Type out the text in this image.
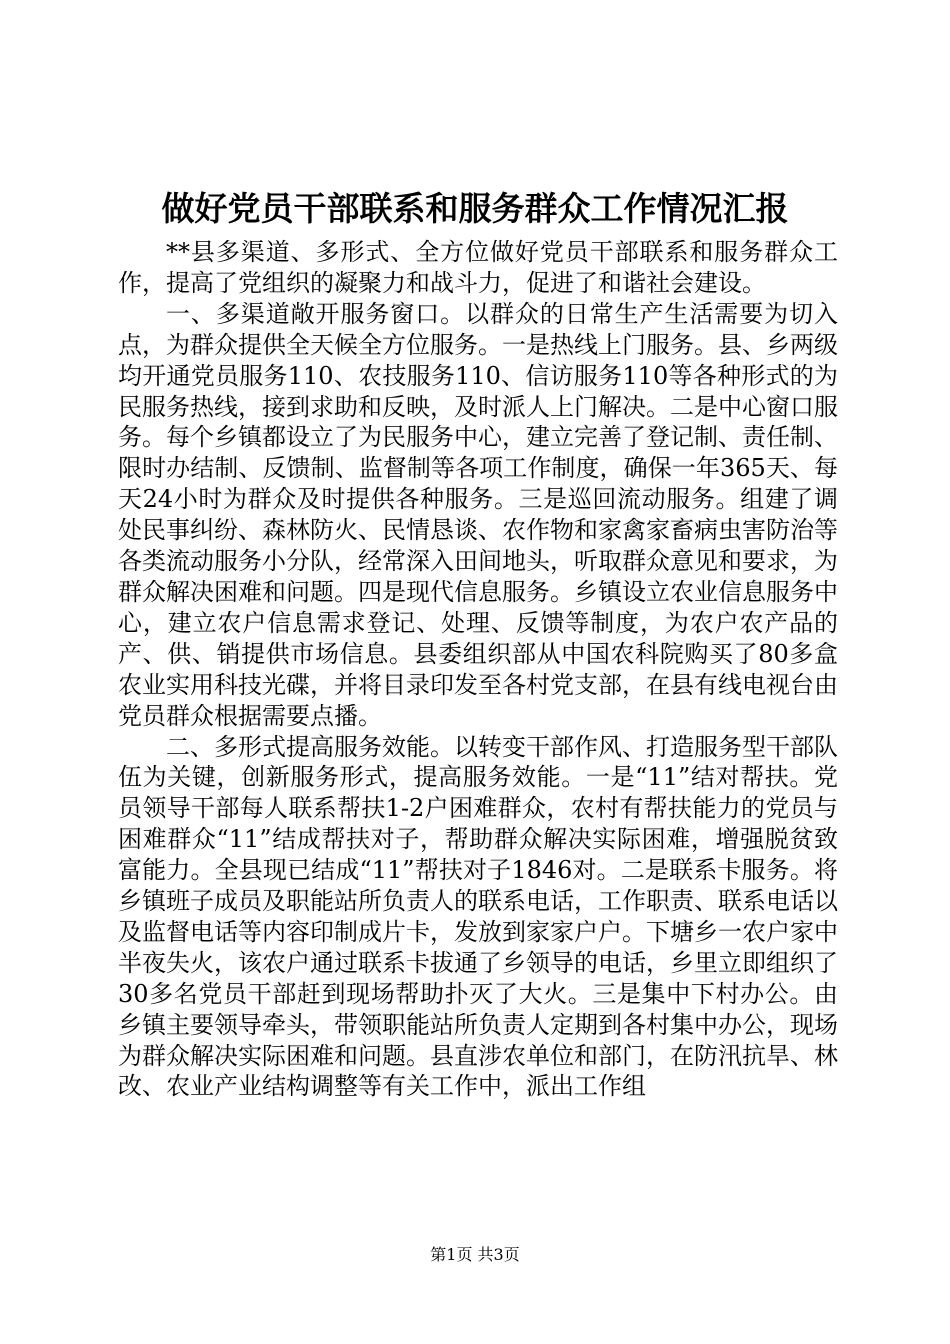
做好党员干部联系和服务群众工作情况汇报

**县多渠道、多形式、全方位做好党员干部联系和服务群众工作，提高了党组织的凝聚力和战斗力，促进了和谐社会建设。

一、多渠道敞开服务窗口。以群众的日常生产生活需要为切入点，为群众提供全天候全方位服务。一是热线上门服务。县、乡两级均开通党员服务110、农技服务110、信访服务110等各种形式的为民服务热线，接到求助和反映，及时派人上门解决。二是中心窗口服务。每个乡镇都设立了为民服务中心，建立完善了登记制、责任制、限时办结制、反馈制、监督制等各项工作制度，确保一年365天、每天24小时为群众及时提供各种服务。三是巡回流动服务。组建了调处民事纠纷、森林防火、民情恳谈、农作物和家禽家畜病虫害防治等各类流动服务小分队，经常深入田间地头，听取群众意见和要求，为群众解决困难和问题。四是现代信息服务。乡镇设立农业信息服务中心，建立农户信息需求登记、处理、反馈等制度，为农户农产品的产、供、销提供市场信息。县委组织部从中国农科院购买了80多盒农业实用科技光碟，并将目录印发至各村党支部，在县有线电视台由党员群众根据需要点播。

二、多形式提高服务效能。以转变干部作风、打造服务型干部队伍为关键，创新服务形式，提高服务效能。一是“11”结对帮扶。党员领导干部每人联系帮扶1-2户困难群众，农村有帮扶能力的党员与困难群众“11”结成帮扶对子，帮助群众解决实际困难，增强脱贫致富能力。全县现已结成“11”帮扶对子1846对。二是联系卡服务。将乡镇班子成员及职能站所负责人的联系电话，工作职责、联系电话以及监督电话等内容印制成片卡，发放到家家户户。下塘乡一农户家中半夜失火，该农户通过联系卡拔通了乡领导的电话，乡里立即组织了30多名党员干部赶到现场帮助扑灭了大火。三是集中下村办公。由乡镇主要领导牵头，带领职能站所负责人定期到各村集中办公，现场为群众解决实际困难和问题。县直涉农单位和部门，在防汛抗旱、林改、农业产业结构调整等有关工作中，派出工作组

第1页 共3页
